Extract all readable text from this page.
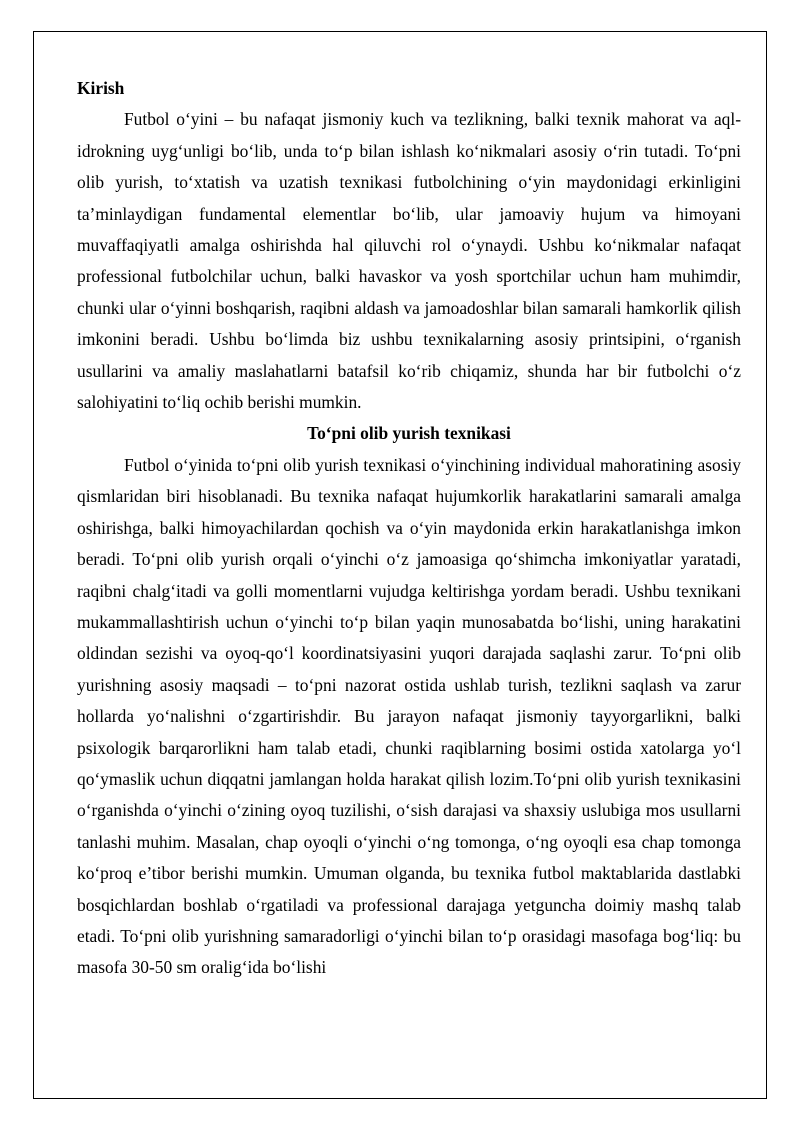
Kirish

Futbol o‘yini – bu nafaqat jismoniy kuch va tezlikning, balki texnik mahorat va aql-idrokning uyg‘unligi bo‘lib, unda to‘p bilan ishlash ko‘nikmalari asosiy o‘rin tutadi. To‘pni olib yurish, to‘xtatish va uzatish texnikasi futbolchining o‘yin maydonidagi erkinligini ta’minlaydigan fundamental elementlar bo‘lib, ular jamoaviy hujum va himoyani muvaffaqiyatli amalga oshirishda hal qiluvchi rol o‘ynaydi. Ushbu ko‘nikmalar nafaqat professional futbolchilar uchun, balki havaskor va yosh sportchilar uchun ham muhimdir, chunki ular o‘yinni boshqarish, raqibni aldash va jamoadoshlar bilan samarali hamkorlik qilish imkonini beradi. Ushbu bo‘limda biz ushbu texnikalarning asosiy printsipini, o‘rganish usullarini va amaliy maslahatlarni batafsil ko‘rib chiqamiz, shunda har bir futbolchi o‘z salohiyatini to‘liq ochib berishi mumkin.

To‘pni olib yurish texnikasi

Futbol o‘yinida to‘pni olib yurish texnikasi o‘yinchining individual mahoratining asosiy qismlaridan biri hisoblanadi. Bu texnika nafaqat hujumkorlik harakatlarini samarali amalga oshirishga, balki himoyachilardan qochish va o‘yin maydonida erkin harakatlanishga imkon beradi. To‘pni olib yurish orqali o‘yinchi o‘z jamoasiga qo‘shimcha imkoniyatlar yaratadi, raqibni chalg‘itadi va golli momentlarni vujudga keltirishga yordam beradi. Ushbu texnikani mukammallashtirish uchun o‘yinchi to‘p bilan yaqin munosabatda bo‘lishi, uning harakatini oldindan sezishi va oyoq-qo‘l koordinatsiyasini yuqori darajada saqlashi zarur. To‘pni olib yurishning asosiy maqsadi – to‘pni nazorat ostida ushlab turish, tezlikni saqlash va zarur hollarda yo‘nalishni o‘zgartirishdir. Bu jarayon nafaqat jismoniy tayyorgarlikni, balki psixologik barqarorlikni ham talab etadi, chunki raqiblarning bosimi ostida xatolarga yo‘l qo‘ymaslik uchun diqqatni jamlangan holda harakat qilish lozim.To‘pni olib yurish texnikasini o‘rganishda o‘yinchi o‘zining oyoq tuzilishi, o‘sish darajasi va shaxsiy uslubiga mos usullarni tanlashi muhim. Masalan, chap oyoqli o‘yinchi o‘ng tomonga, o‘ng oyoqli esa chap tomonga ko‘proq e’tibor berishi mumkin. Umuman olganda, bu texnika futbol maktablarida dastlabki bosqichlardan boshlab o‘rgatiladi va professional darajaga yetguncha doimiy mashq talab etadi. To‘pni olib yurishning samaradorligi o‘yinchi bilan to‘p orasidagi masofaga bog‘liq: bu masofa 30-50 sm oralig‘ida bo‘lishi
